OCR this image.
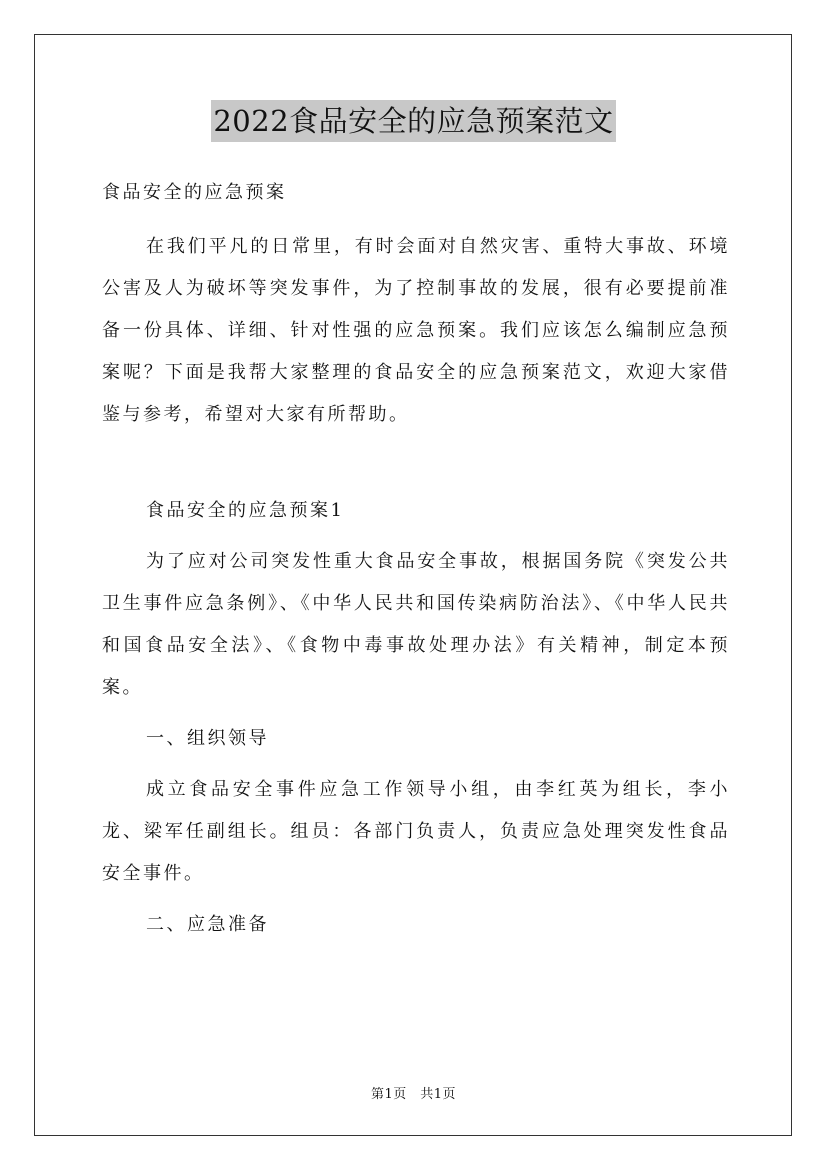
2022食品安全的应急预案范文

食品安全的应急预案

在我们平凡的日常里，有时会面对自然灾害、重特大事故、环境公害及人为破坏等突发事件，为了控制事故的发展，很有必要提前准备一份具体、详细、针对性强的应急预案。我们应该怎么编制应急预案呢？下面是我帮大家整理的食品安全的应急预案范文，欢迎大家借鉴与参考，希望对大家有所帮助。

食品安全的应急预案1

为了应对公司突发性重大食品安全事故，根据国务院《突发公共卫生事件应急条例》、《中华人民共和国传染病防治法》、《中华人民共和国食品安全法》、《食物中毒事故处理办法》有关精神，制定本预案。

一、组织领导

成立食品安全事件应急工作领导小组，由李红英为组长，李小龙、梁军任副组长。组员：各部门负责人，负责应急处理突发性食品安全事件。

二、应急准备

第1页　共1页
